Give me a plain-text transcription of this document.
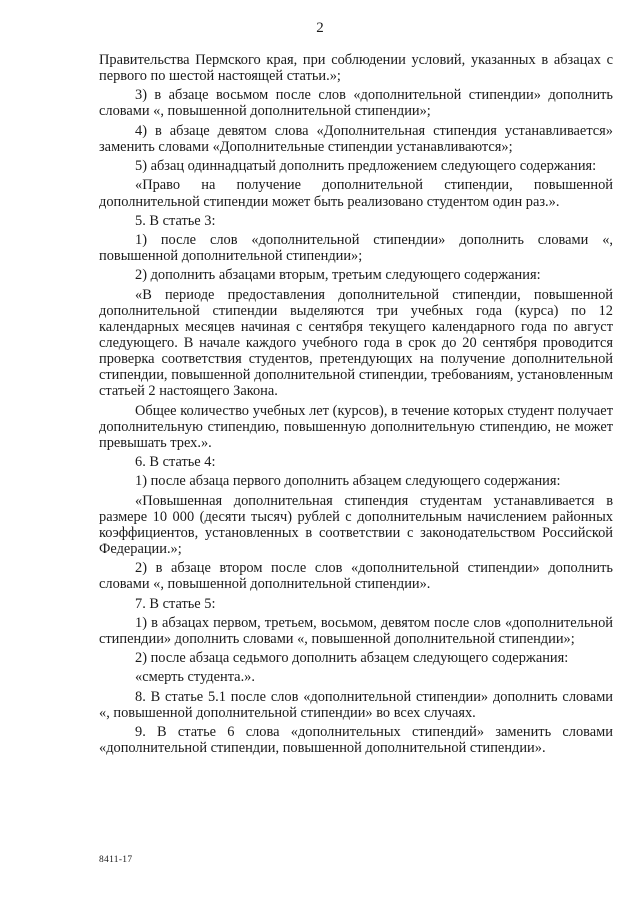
2

Правительства Пермского края, при соблюдении условий, указанных в абзацах с первого по шестой настоящей статьи.»;

3) в абзаце восьмом после слов «дополнительной стипендии» дополнить словами «, повышенной дополнительной стипендии»;

4) в абзаце девятом слова «Дополнительная стипендия устанавливается» заменить словами «Дополнительные стипендии устанавливаются»;

5) абзац одиннадцатый дополнить предложением следующего содержания:

«Право на получение дополнительной стипендии, повышенной дополнительной стипендии может быть реализовано студентом один раз.».

5. В статье 3:

1) после слов «дополнительной стипендии» дополнить словами «, повышенной дополнительной стипендии»;

2) дополнить абзацами вторым, третьим следующего содержания:

«В периоде предоставления дополнительной стипендии, повышенной дополнительной стипендии выделяются три учебных года (курса) по 12 календарных месяцев начиная с сентября текущего календарного года по август следующего. В начале каждого учебного года в срок до 20 сентября проводится проверка соответствия студентов, претендующих на получение дополнительной стипендии, повышенной дополнительной стипендии, требованиям, установленным статьей 2 настоящего Закона.

Общее количество учебных лет (курсов), в течение которых студент получает дополнительную стипендию, повышенную дополнительную стипендию, не может превышать трех.».

6. В статье 4:

1) после абзаца первого дополнить абзацем следующего содержания:

«Повышенная дополнительная стипендия студентам устанавливается в размере 10 000 (десяти тысяч) рублей с дополнительным начислением районных коэффициентов, установленных в соответствии с законодательством Российской Федерации.»;

2) в абзаце втором после слов «дополнительной стипендии» дополнить словами «, повышенной дополнительной стипендии».

7. В статье 5:

1) в абзацах первом, третьем, восьмом, девятом после слов «дополнительной стипендии» дополнить словами «, повышенной дополнительной стипендии»;

2) после абзаца седьмого дополнить абзацем следующего содержания:

«смерть студента.».

8. В статье 5.1 после слов «дополнительной стипендии» дополнить словами «, повышенной дополнительной стипендии» во всех случаях.

9. В статье 6 слова «дополнительных стипендий» заменить словами «дополнительной стипендии, повышенной дополнительной стипендии».

8411-17
